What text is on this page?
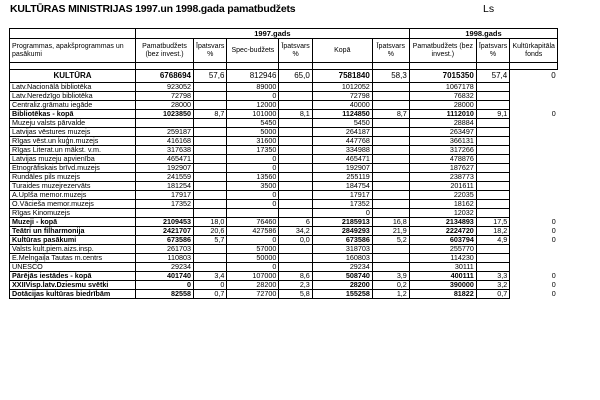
KULTŪRAS MINISTRIJAS 1997.un 1998.gada pamatbudžets	Ls
	1997.gads						1998.gads		
Programmas, apakšprogrammas un pasākumi	Pamatbudžets (bez invest.)	Īpatsvars %	Spec-budžets	Īpatsvars %	Kopā	Īpatsvars %	Pamatbudžets (bez invest.)	Īpatsvars %	Kultūrkapitāla fonds

KULTŪRA	6768694	57,6	812946	65,0	7581840	58,3	7015350	57,4	0
Latv.Nacionālā bibliotēka	923052		89000		1012052		1067178		
Latv.Neredzīgo bibliotēka	72798		0		72798		76832		
Centraliz.grāmatu iegāde	28000		12000		40000		28000		
Bibliotēkas - kopā	1023850	8,7	101000	8,1	1124850	8,7	1112010	9,1	0
Muzeju valsts pārvalde			5450		5450		28884		
Latvijas vēstures muzejs	259187		5000		264187		263497		
Rīgas vēst.un kuģn.muzejs	416168		31600		447768		366131		
Rīgas Literat.un mākst. v.m.	317638		17350		334988		317266		
Latvijas muzeju apvienība	465471		0		465471		478876		
Etnogrāfiskais brīvd.muzejs	192907		0		192907		187627		
Rundāles pils muzejs	241559		13560		255119		238773		
Turaides muzejrezervāts	181254		3500		184754		201611		
A.Upīša memor.muzejs	17917		0		17917		22035		
O.Vācieša memor.muzejs	17352		0		17352		18162		
Rīgas Kinomuzejs					0		12032		
Muzeji - kopā	2109453	18,0	76460	6	2185913	16,8	2134893	17,5	0
Teātri un filharmonija	2421707	20,6	427586	34,2	2849293	21,9	2224720	18,2	0
Kultūras pasākumi	673586	5,7	0	0,0	673586	5,2	603794	4,9	0
Valsts kult.piem.aizs.insp.	261703		57000		318703		255770		
E.Melngaiļa Tautas m.centrs	110803		50000		160803		114230		
UNESCO	29234		0		29234		30111		
Pārējās iestādes - kopā	401740	3,4	107000	8,6	508740	3,9	400111	3,3	0
XXIIVisp.latv.Dziesmu svētki	0	0	28200	2,3	28200	0,2	390000	3,2	0
Dotācijas kultūras biedrībām	82558	0,7	72700	5,8	155258	1,2	81822	0,7	0
